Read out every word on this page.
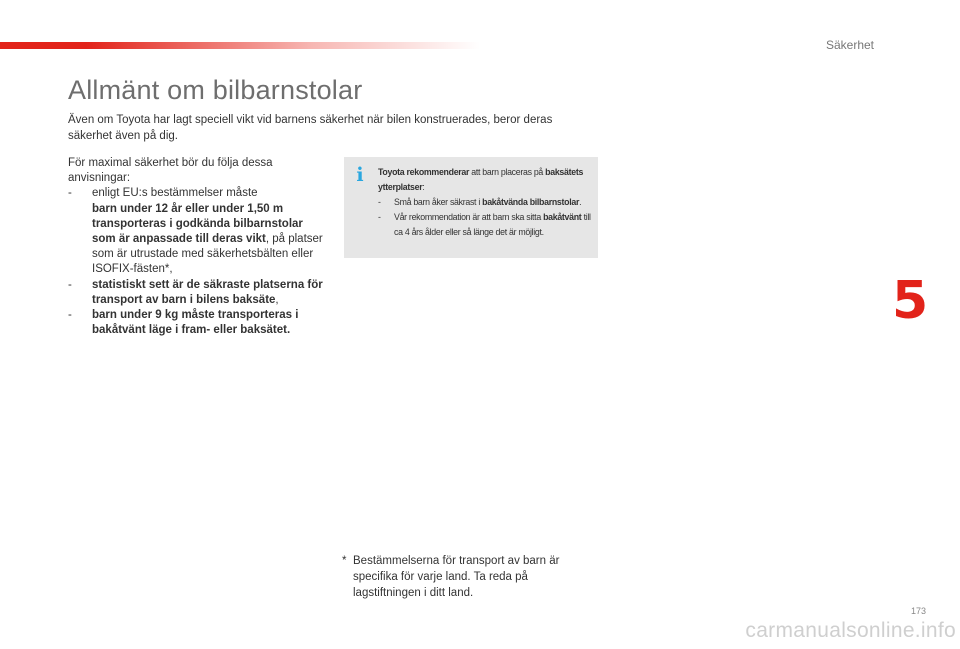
Säkerhet
5
Allmänt om bilbarnstolar

Även om Toyota har lagt speciell vikt vid barnens säkerhet när bilen konstruerades, beror deras säkerhet även på dig.

För maximal säkerhet bör du följa dessa anvisningar:

-	enligt EU:s bestämmelser måste
barn under 12 år eller under 1,50 m transporteras i godkända bilbarnstolar som är anpassade till deras vikt, på platser som är utrustade med säkerhetsbälten eller ISOFIX-fästen*,
-	statistiskt sett är de säkraste platserna för transport av barn i bilens baksäte,
-	barn under 9 kg måste transporteras i bakåtvänt läge i fram- eller baksätet.
i	Toyota rekommenderar att barn placeras på baksätets ytterplatser:

-	Små barn åker säkrast i bakåtvända bilbarnstolar.
-	Vår rekommendation är att barn ska sitta bakåtvänt till ca 4 års ålder eller så länge det är möjligt.
* Bestämmelserna för transport av barn är specifika för varje land. Ta reda på lagstiftningen i ditt land.
173
carmanualsonline.info
